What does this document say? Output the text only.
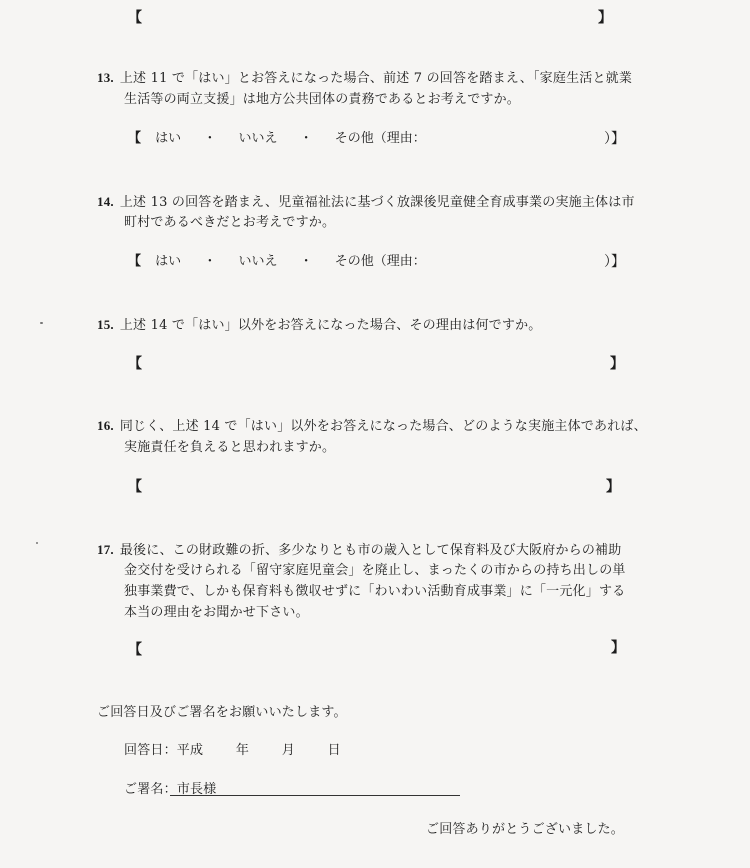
【	】
13. 上述 11 で「はい」とお答えになった場合、前述 7 の回答を踏まえ、「家庭生活と就業
生活等の両立支援」は地方公共団体の責務であるとお考えですか。
【 はい ・ いいえ ・ その他（理由：	）】
14. 上述 13 の回答を踏まえ、児童福祉法に基づく放課後児童健全育成事業の実施主体は市
町村であるべきだとお考えですか。
【 はい ・ いいえ ・ その他（理由：	）】
15. 上述 14 で「はい」以外をお答えになった場合、その理由は何ですか。
【	】
16. 同じく、上述 14 で「はい」以外をお答えになった場合、どのような実施主体であれば、
実施責任を負えると思われますか。
【	】
17. 最後に、この財政難の折、多少なりとも市の歳入として保育料及び大阪府からの補助
金交付を受けられる「留守家庭児童会」を廃止し、まったくの市からの持ち出しの単
独事業費で、しかも保育料も徴収せずに「わいわい活動育成事業」に「一元化」する
本当の理由をお聞かせ下さい。
【	】
ご回答日及びご署名をお願いいたします。
回答日：平成	年	月	日
ご署名：市長様
ご回答ありがとうございました。
